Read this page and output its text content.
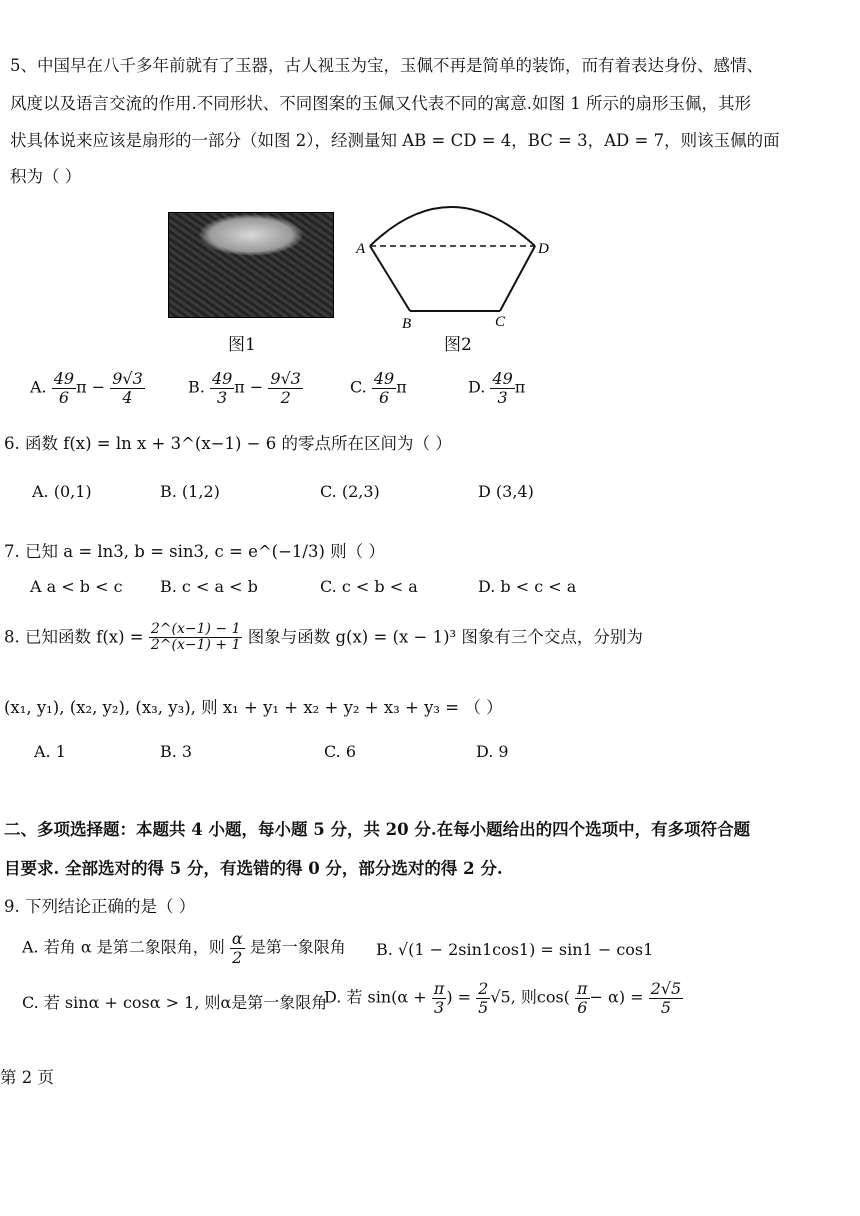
5、中国早在八千多年前就有了玉器，古人视玉为宝，玉佩不再是简单的装饰，而有着表达身份、感情、
风度以及语言交流的作用.不同形状、不同图案的玉佩又代表不同的寓意.如图 1 所示的扇形玉佩，其形
状具体说来应该是扇形的一部分（如图 2），经测量知 AB = CD = 4，BC = 3，AD = 7，则该玉佩的面
积为（ ）
图1
A	D
B	C
图2
A. $\frac{49}{6}$ $\pi - \frac{9√3}{4}$	B. $\frac{49}{3}$ $\pi - \frac{9√3}{2}$	C. $\frac{49}{6}$ π	D. $\frac{49}{3}$ π
6. 函数 f(x) = ln x + 3^(x−1) − 6 的零点所在区间为（ ）
A. (0,1)	B. (1,2)	C. (2,3)	D (3,4)
7. 已知 a = ln3, b = sin3, c = e^(−1/3) 则（ ）
A a < b < c B. c < a < b	C. c < b < a	D. b < c < a
8. 已知函数 $f(x) = \frac{2\^{}(x-1) - 1}{2\^{}(x-1) + 1}$ 图象与函数 g(x) = (x − 1)³ 图象有三个交点，分别为
(x₁, y₁), (x₂, y₂), (x₃, y₃), 则 x₁ + y₁ + x₂ + y₂ + x₃ + y₃ = （ ）
A. 1	B. 3	C. 6	D. 9
二、多项选择题：本题共 4 小题，每小题 5 分，共 20 分.在每小题给出的四个选项中，有多项符合题
目要求. 全部选对的得 5 分，有选错的得 0 分，部分选对的得 2 分.
9. 下列结论正确的是（ ）
A. 若角 α 是第二象限角，则 $\frac{\alpha}{2}$ 是第一象限角 B. √(1 − 2sin1cos1) = sin1 − cos1
C. 若 sinα + cosα > 1, 则α是第一象限角
D. 若 $\sin(\alpha + \frac{\pi}{3}$ ) = $\frac{2}{5} √5$, 则$\cos( \frac{\pi}{6} - \alpha) = \frac{2√5}{5}$
第 2 页
